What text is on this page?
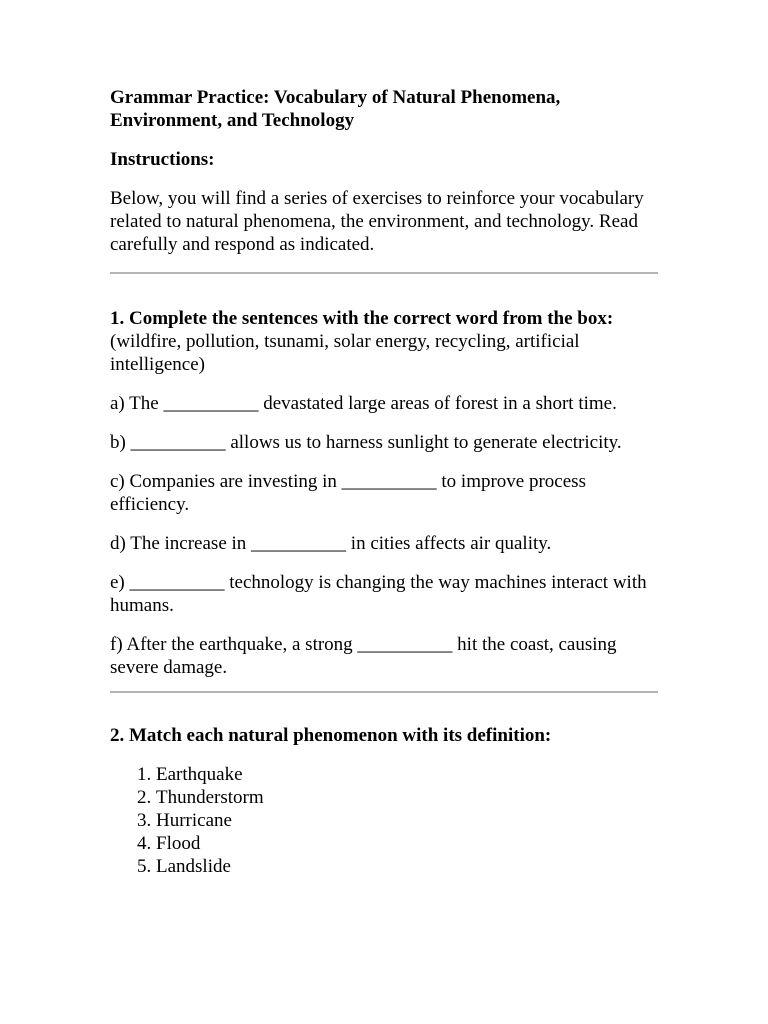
Grammar Practice: Vocabulary of Natural Phenomena, Environment, and Technology
Instructions:
Below, you will find a series of exercises to reinforce your vocabulary related to natural phenomena, the environment, and technology. Read carefully and respond as indicated.
1. Complete the sentences with the correct word from the box:
(wildfire, pollution, tsunami, solar energy, recycling, artificial intelligence)
a) The __________ devastated large areas of forest in a short time.
b) __________ allows us to harness sunlight to generate electricity.
c) Companies are investing in __________ to improve process efficiency.
d) The increase in __________ in cities affects air quality.
e) __________ technology is changing the way machines interact with humans.
f) After the earthquake, a strong __________ hit the coast, causing severe damage.
2. Match each natural phenomenon with its definition:
1. Earthquake
2. Thunderstorm
3. Hurricane
4. Flood
5. Landslide
